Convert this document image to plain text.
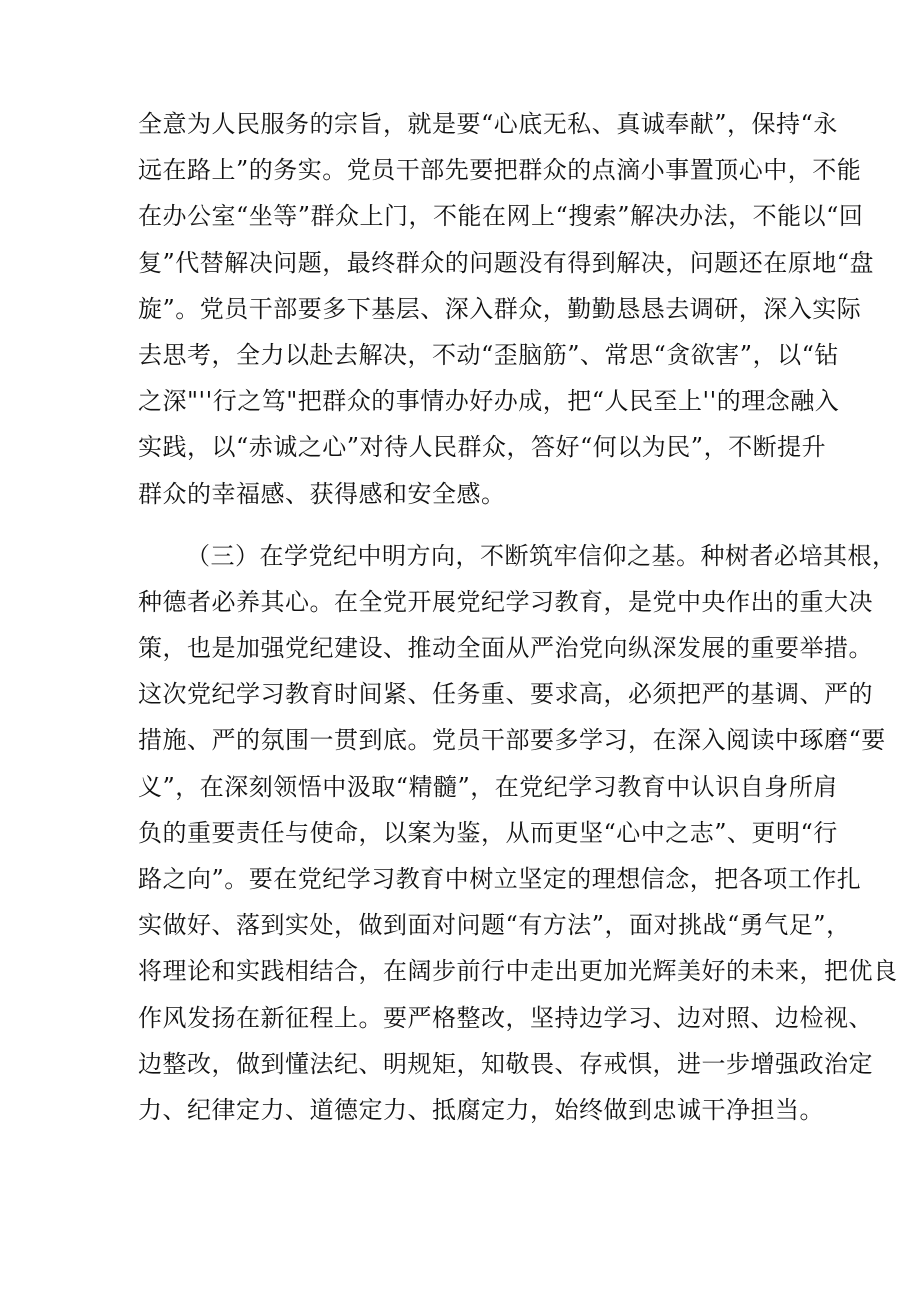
全意为人民服务的宗旨，就是要“心底无私、真诚奉献”，保持“永
远在路上”的务实。党员干部先要把群众的点滴小事置顶心中，不能
在办公室“坐等”群众上门，不能在网上“搜索”解决办法，不能以“回
复”代替解决问题，最终群众的问题没有得到解决，问题还在原地“盘
旋”。党员干部要多下基层、深入群众，勤勤恳恳去调研，深入实际
去思考，全力以赴去解决，不动“歪脑筋”、常思“贪欲害”，以“钻
之深"''行之笃"把群众的事情办好办成，把“人民至上''的理念融入
实践，以“赤诚之心”对待人民群众，答好“何以为民”，不断提升
群众的幸福感、获得感和安全感。
（三）在学党纪中明方向，不断筑牢信仰之基。种树者必培其根，
种德者必养其心。在全党开展党纪学习教育，是党中央作出的重大决
策，也是加强党纪建设、推动全面从严治党向纵深发展的重要举措。
这次党纪学习教育时间紧、任务重、要求高，必须把严的基调、严的
措施、严的氛围一贯到底。党员干部要多学习，在深入阅读中琢磨“要
义”，在深刻领悟中汲取“精髓”，在党纪学习教育中认识自身所肩
负的重要责任与使命，以案为鉴，从而更坚“心中之志”、更明“行
路之向”。要在党纪学习教育中树立坚定的理想信念，把各项工作扎
实做好、落到实处，做到面对问题“有方法”，面对挑战“勇气足”，
将理论和实践相结合，在阔步前行中走出更加光辉美好的未来，把优良
作风发扬在新征程上。要严格整改，坚持边学习、边对照、边检视、
边整改，做到懂法纪、明规矩，知敬畏、存戒惧，进一步增强政治定
力、纪律定力、道德定力、抵腐定力，始终做到忠诚干净担当。
